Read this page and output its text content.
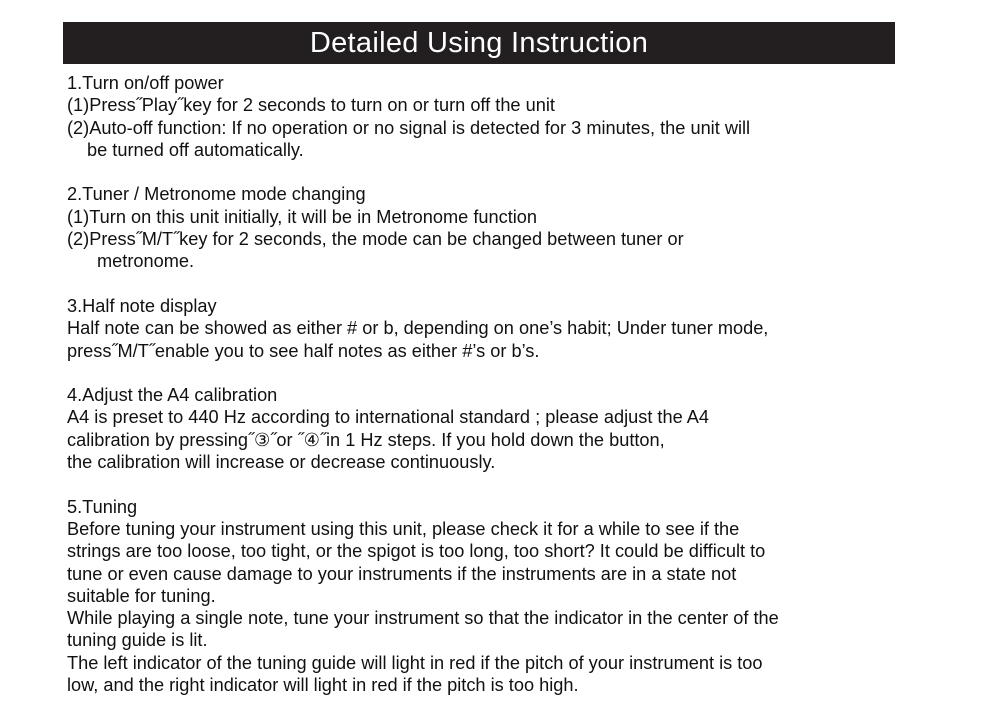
Detailed Using Instruction
1.Turn on/off power
(1)Press˝Play˝key for 2 seconds to turn on or turn off the unit
(2)Auto-off function: If no operation or no signal is detected for 3 minutes, the unit will
be turned off automatically.
2.Tuner / Metronome mode changing
(1)Turn on this unit initially, it will be in Metronome function
(2)Press˝M/T˝key for 2 seconds, the mode can be changed between tuner or
metronome.
3.Half note display
Half note can be showed as either # or b, depending on one’s habit; Under tuner mode,
press˝M/T˝enable you to see half notes as either #’s or b’s.
4.Adjust the A4 calibration
A4 is preset to 440 Hz according to international standard ; please adjust the A4
calibration by pressing˝③˝or ˝④˝in 1 Hz steps. If you hold down the button,
the calibration will increase or decrease continuously.
5.Tuning
Before tuning your instrument using this unit, please check it for a while to see if the
strings are too loose, too tight, or the spigot is too long, too short? It could be difficult to
tune or even cause damage to your instruments if the instruments are in a state not
suitable for tuning.
While playing a single note, tune your instrument so that the indicator in the center of the
tuning guide is lit.
The left indicator of the tuning guide will light in red if the pitch of your instrument is too
low, and the right indicator will light in red if the pitch is too high.
